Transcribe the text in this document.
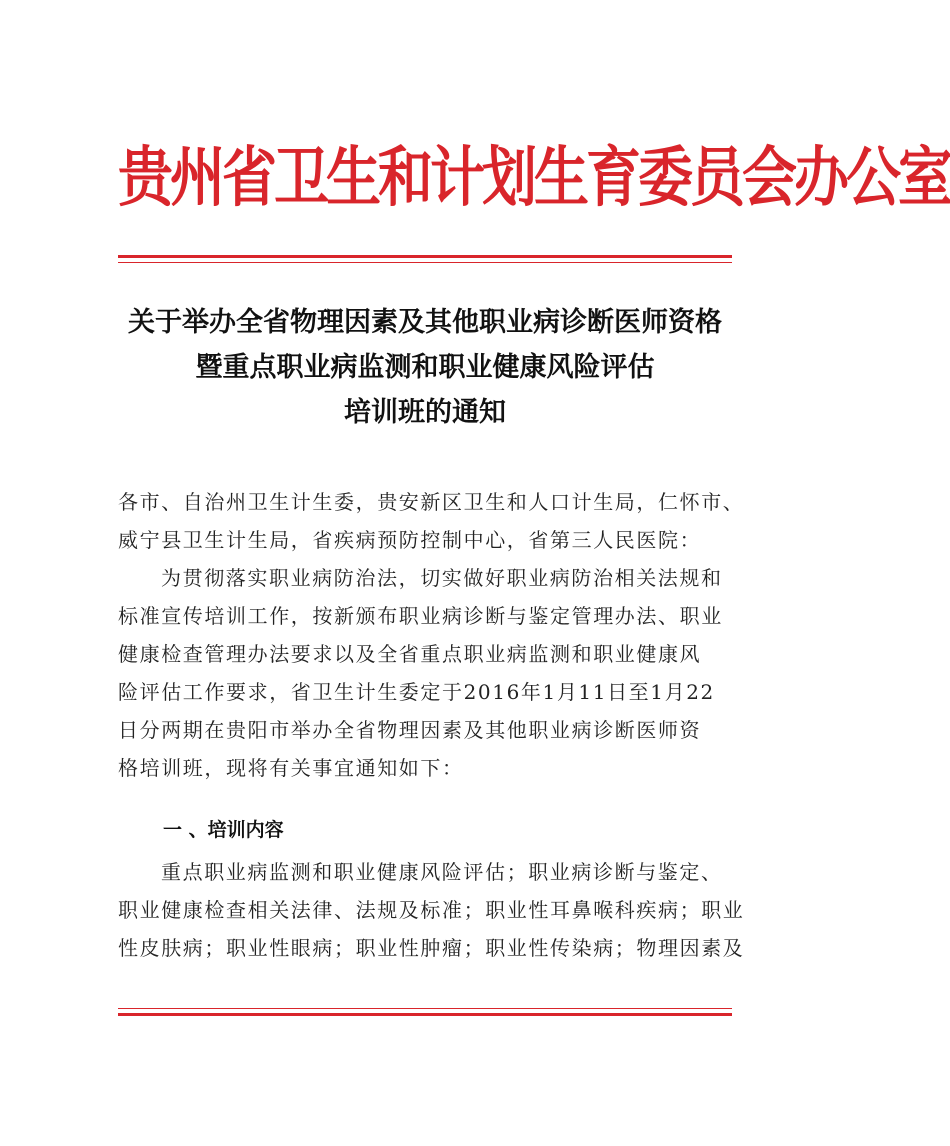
贵州省卫生和计划生育委员会办公室
关于举办全省物理因素及其他职业病诊断医师资格
暨重点职业病监测和职业健康风险评估
培训班的通知
各市、自治州卫生计生委，贵安新区卫生和人口计生局，仁怀市、
威宁县卫生计生局，省疾病预防控制中心，省第三人民医院：
为贯彻落实职业病防治法，切实做好职业病防治相关法规和
标准宣传培训工作，按新颁布职业病诊断与鉴定管理办法、职业
健康检查管理办法要求以及全省重点职业病监测和职业健康风
险评估工作要求，省卫生计生委定于2016年1月11日至1月22
日分两期在贵阳市举办全省物理因素及其他职业病诊断医师资
格培训班，现将有关事宜通知如下：
一 、培训内容
重点职业病监测和职业健康风险评估；职业病诊断与鉴定、
职业健康检查相关法律、法规及标准；职业性耳鼻喉科疾病；职业
性皮肤病；职业性眼病；职业性肿瘤；职业性传染病；物理因素及
